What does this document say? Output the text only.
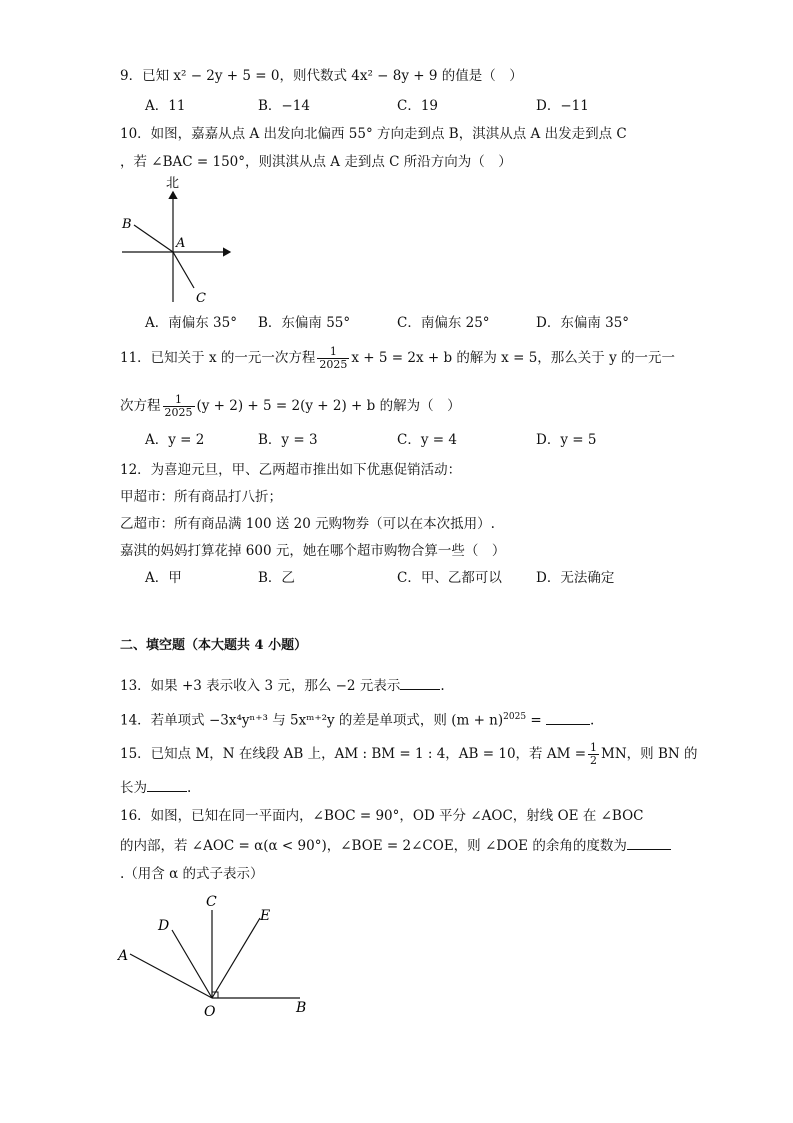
9．已知 x² − 2y + 5 = 0，则代数式 4x² − 8y + 9 的值是（　）
A．11	B．−14	C．19	D．−11
10．如图，嘉嘉从点 A 出发向北偏西 55° 方向走到点 B，淇淇从点 A 出发走到点 C
，若 ∠BAC = 150°，则淇淇从点 A 走到点 C 所沿方向为（　）
北
A
B
C
A．南偏东 35° B．东偏南 55°	C．南偏东 25°	D．东偏南 35°
11．已知关于 x 的一元一次方程 $\frac{1}{2025}$ x + 5 = 2x + b 的解为 x = 5，那么关于 y 的一元一
次方程 $\frac{1}{2025} (y + 2) + 5 = 2(y + 2) + b$ 的解为（　）
A．y = 2	B．y = 3	C．y = 4	D．y = 5
12．为喜迎元旦，甲、乙两超市推出如下优惠促销活动：
甲超市：所有商品打八折；
乙超市：所有商品满 100 送 20 元购物券（可以在本次抵用）.
嘉淇的妈妈打算花掉 600 元，她在哪个超市购物合算一些（　）
A．甲	B．乙	C．甲、乙都可以	D．无法确定
二、填空题（本大题共 4 小题）
13．如果 +3 表示收入 3 元，那么 −2 元表示	.
14．若单项式 −3x⁴yⁿ⁺³ 与 5xᵐ⁺²y 的差是单项式，则 $(m + n)^{2025}$ =	.
15．已知点 M，N 在线段 AB 上，AM : BM = 1 : 4，AB = 10，若 AM = $\frac{1}{2}$ MN，则 BN 的
长为	.
16．如图，已知在同一平面内，∠BOC = 90°，OD 平分 ∠AOC，射线 OE 在 ∠BOC
的内部，若 ∠AOC = α(α < 90°)，∠BOE = 2∠COE，则 ∠DOE 的余角的度数为
.（用含 α 的式子表示）
C
D
E
A
O	B
